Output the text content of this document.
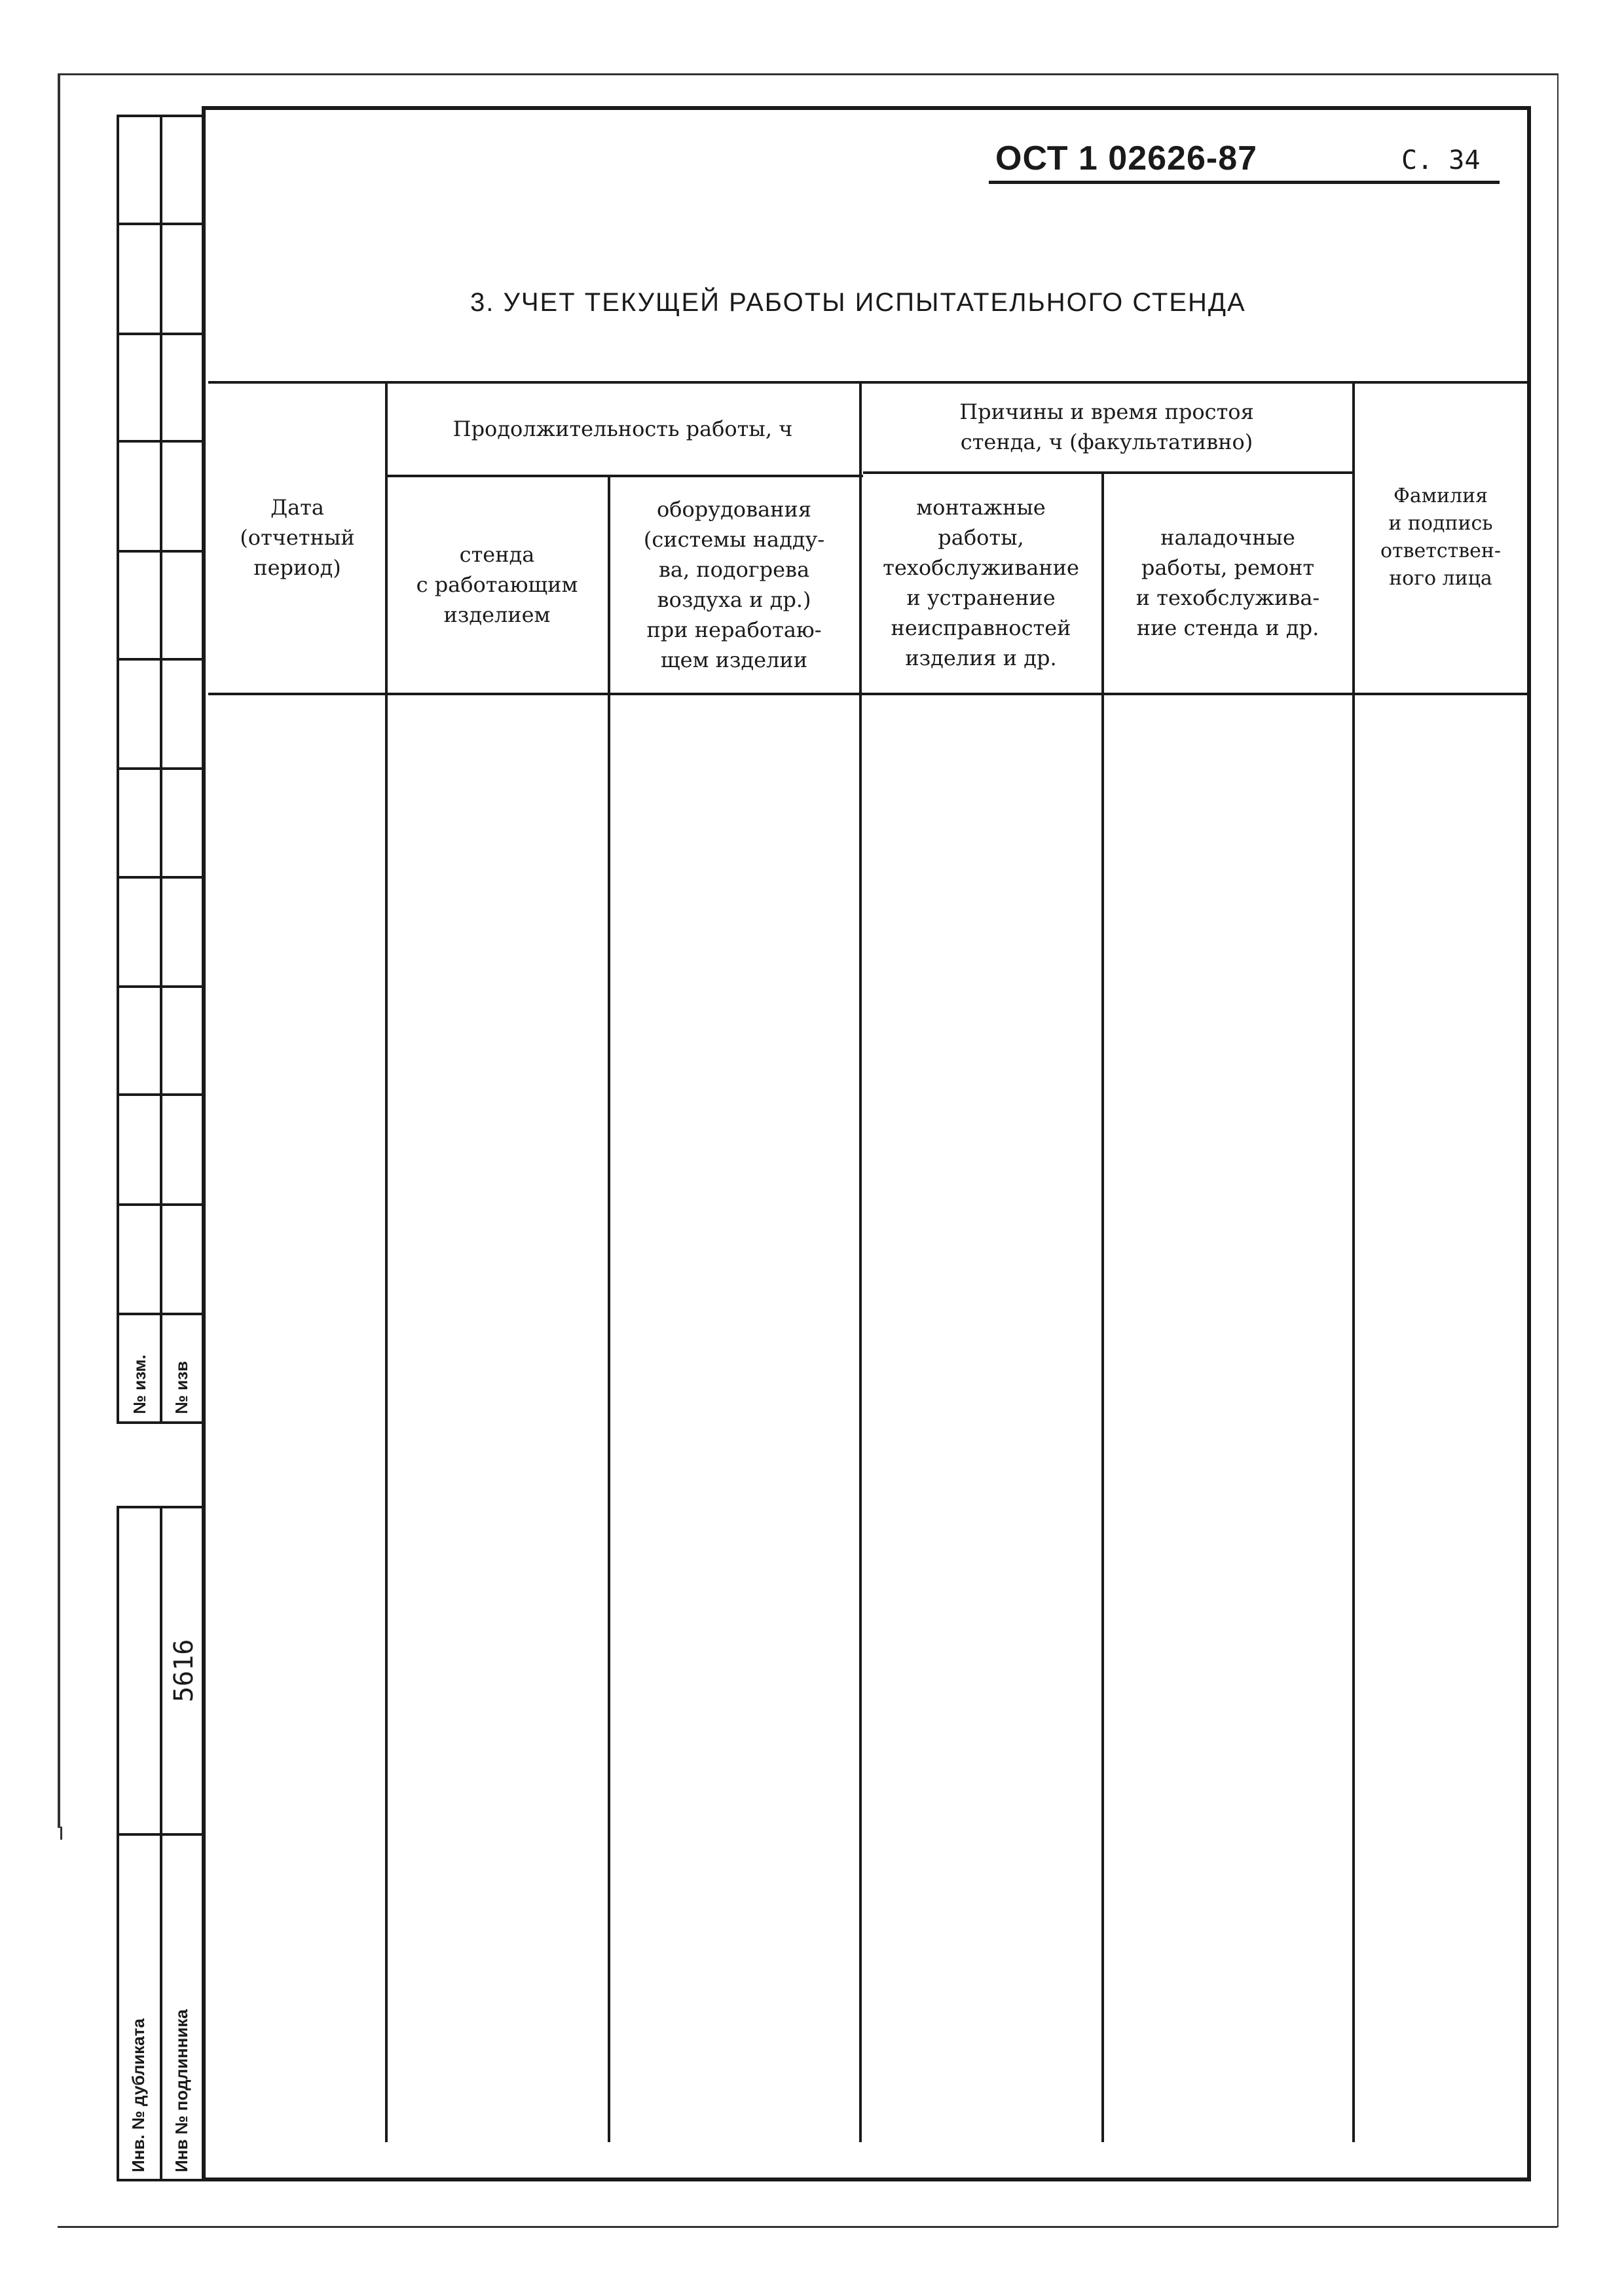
№ изм. № изв
5616
Инв. № дубликата Инв № подлинника
ОСТ 1 02626-87	С. 34
3. УЧЕТ ТЕКУЩЕЙ РАБОТЫ ИСПЫТАТЕЛЬНОГО СТЕНДА
Дата
(отчетный
период)
Продолжительность работы, ч
стенда
с работающим
изделием
оборудования
(системы надду-
ва, подогрева
воздуха и др.)
при неработаю-
щем изделии
Причины и время простоя
стенда, ч (факультативно)
монтажные
работы,
техобслуживание
и устранение
неисправностей
изделия и др.
наладочные
работы, ремонт
и техобслужива-
ние стенда и др.
Фамилия
и подпись
ответствен-
ного лица
